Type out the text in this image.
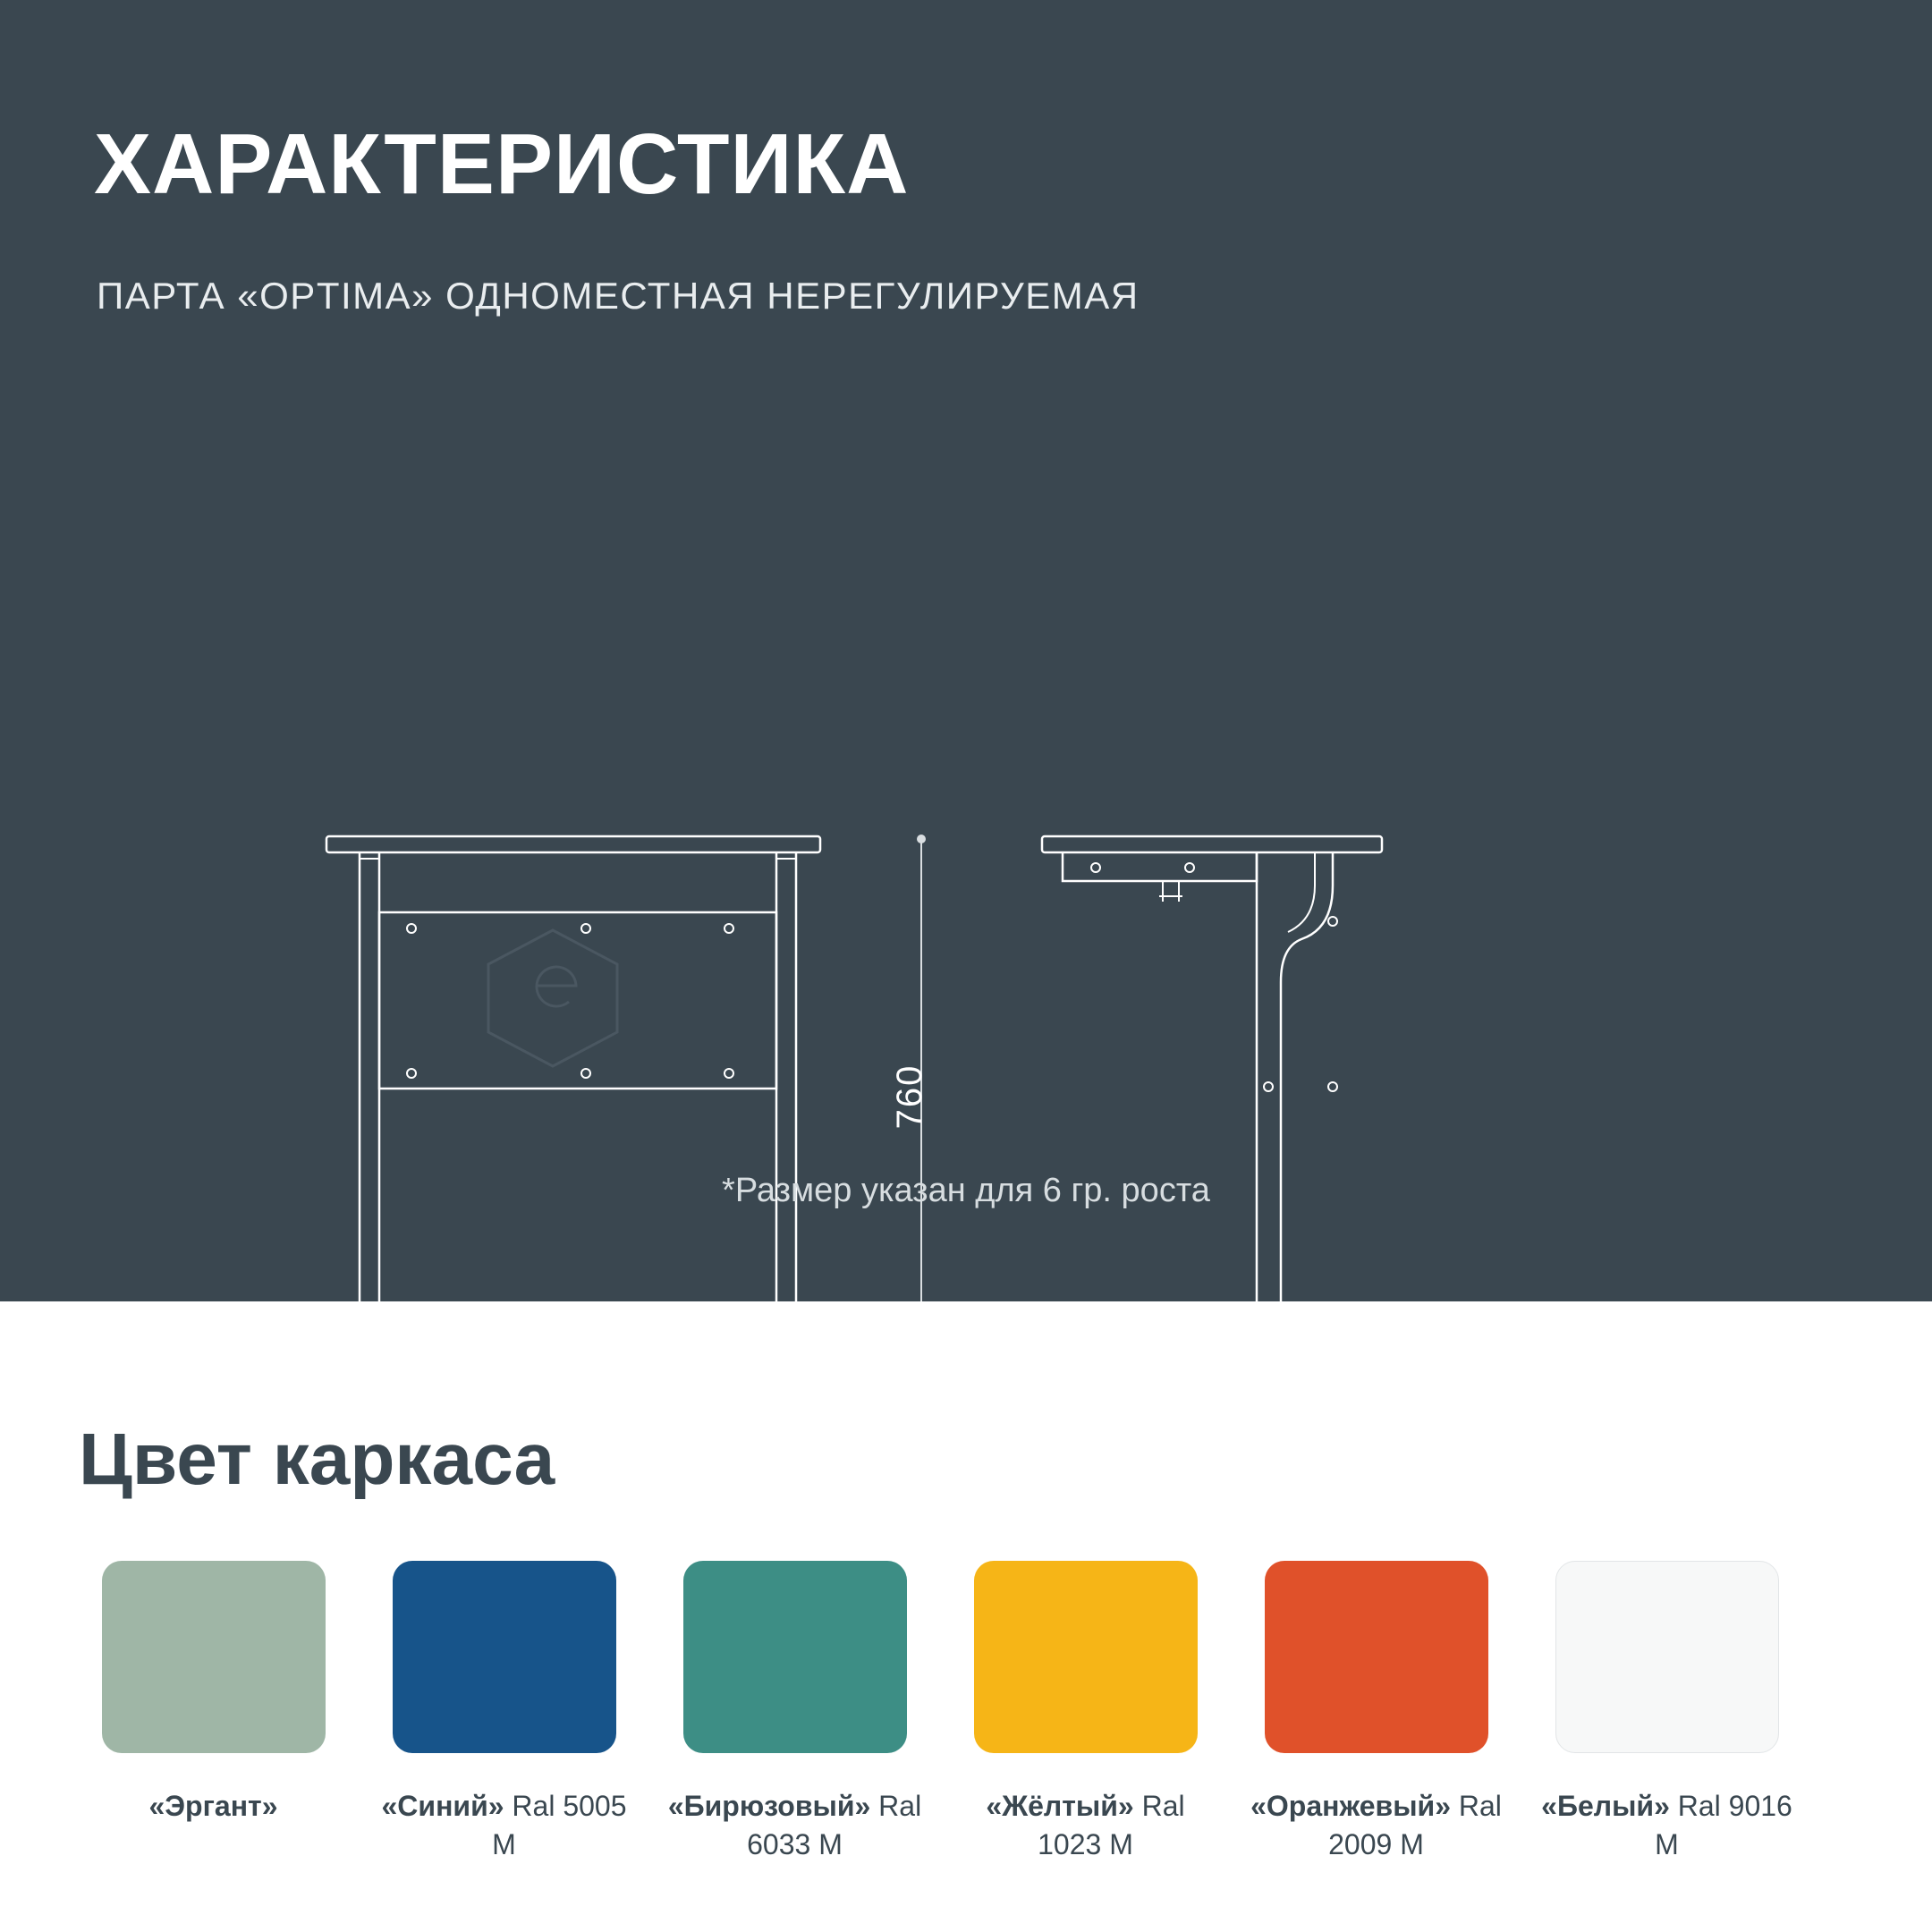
ХАРАКТЕРИСТИКА
ПАРТА «OPTIMA» ОДНОМЕСТНАЯ НЕРЕГУЛИРУЕМАЯ
760
*Размер указан для 6 гр. роста
Цвет каркаса
«Эргант»	«Синий» Ral 5005 M
«Бирюзовый» Ral 6033 M
«Жёлтый» Ral 1023 M
«Оранжевый» Ral 2009 M
«Белый» Ral 9016 M
